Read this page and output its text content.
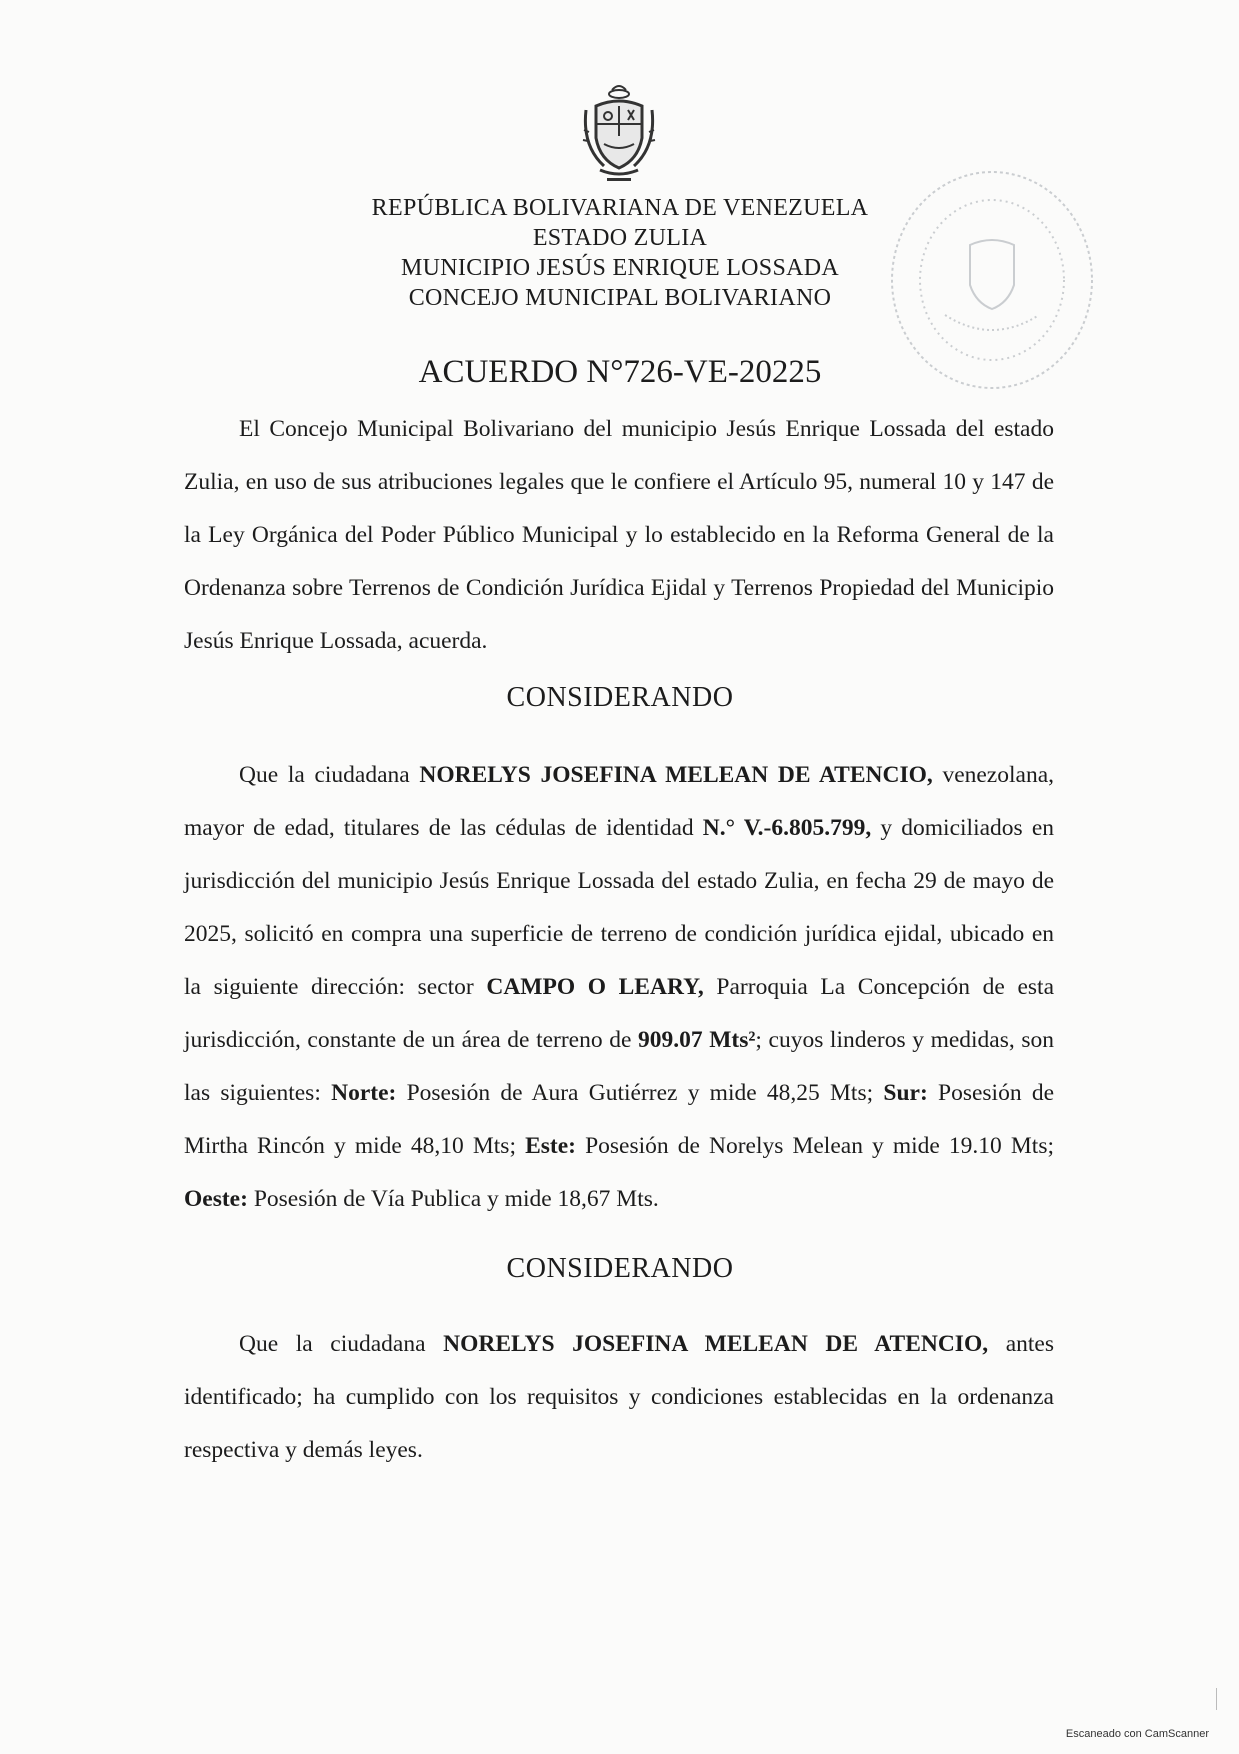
REPÚBLICA BOLIVARIANA DE VENEZUELA
ESTADO ZULIA
MUNICIPIO JESÚS ENRIQUE LOSSADA
CONCEJO MUNICIPAL BOLIVARIANO
ACUERDO N°726-VE-20225
El Concejo Municipal Bolivariano del municipio Jesús Enrique Lossada del estado Zulia, en uso de sus atribuciones legales que le confiere el Artículo 95, numeral 10 y 147 de la Ley Orgánica del Poder Público Municipal y lo establecido en la Reforma General de la Ordenanza sobre Terrenos de Condición Jurídica Ejidal y Terrenos Propiedad del Municipio Jesús Enrique Lossada, acuerda.
CONSIDERANDO
Que la ciudadana NORELYS JOSEFINA MELEAN DE ATENCIO, venezolana, mayor de edad, titulares de las cédulas de identidad N.° V.-6.805.799, y domiciliados en jurisdicción del municipio Jesús Enrique Lossada del estado Zulia, en fecha 29 de mayo de 2025, solicitó en compra una superficie de terreno de condición jurídica ejidal, ubicado en la siguiente dirección: sector CAMPO O LEARY, Parroquia La Concepción de esta jurisdicción, constante de un área de terreno de 909.07 Mts²; cuyos linderos y medidas, son las siguientes: Norte: Posesión de Aura Gutiérrez y mide 48,25 Mts; Sur: Posesión de Mirtha Rincón y mide 48,10 Mts; Este: Posesión de Norelys Melean y mide 19.10 Mts; Oeste: Posesión de Vía Publica y mide 18,67 Mts.
CONSIDERANDO
Que la ciudadana NORELYS JOSEFINA MELEAN DE ATENCIO, antes identificado; ha cumplido con los requisitos y condiciones establecidas en la ordenanza respectiva y demás leyes.
Escaneado con CamScanner
